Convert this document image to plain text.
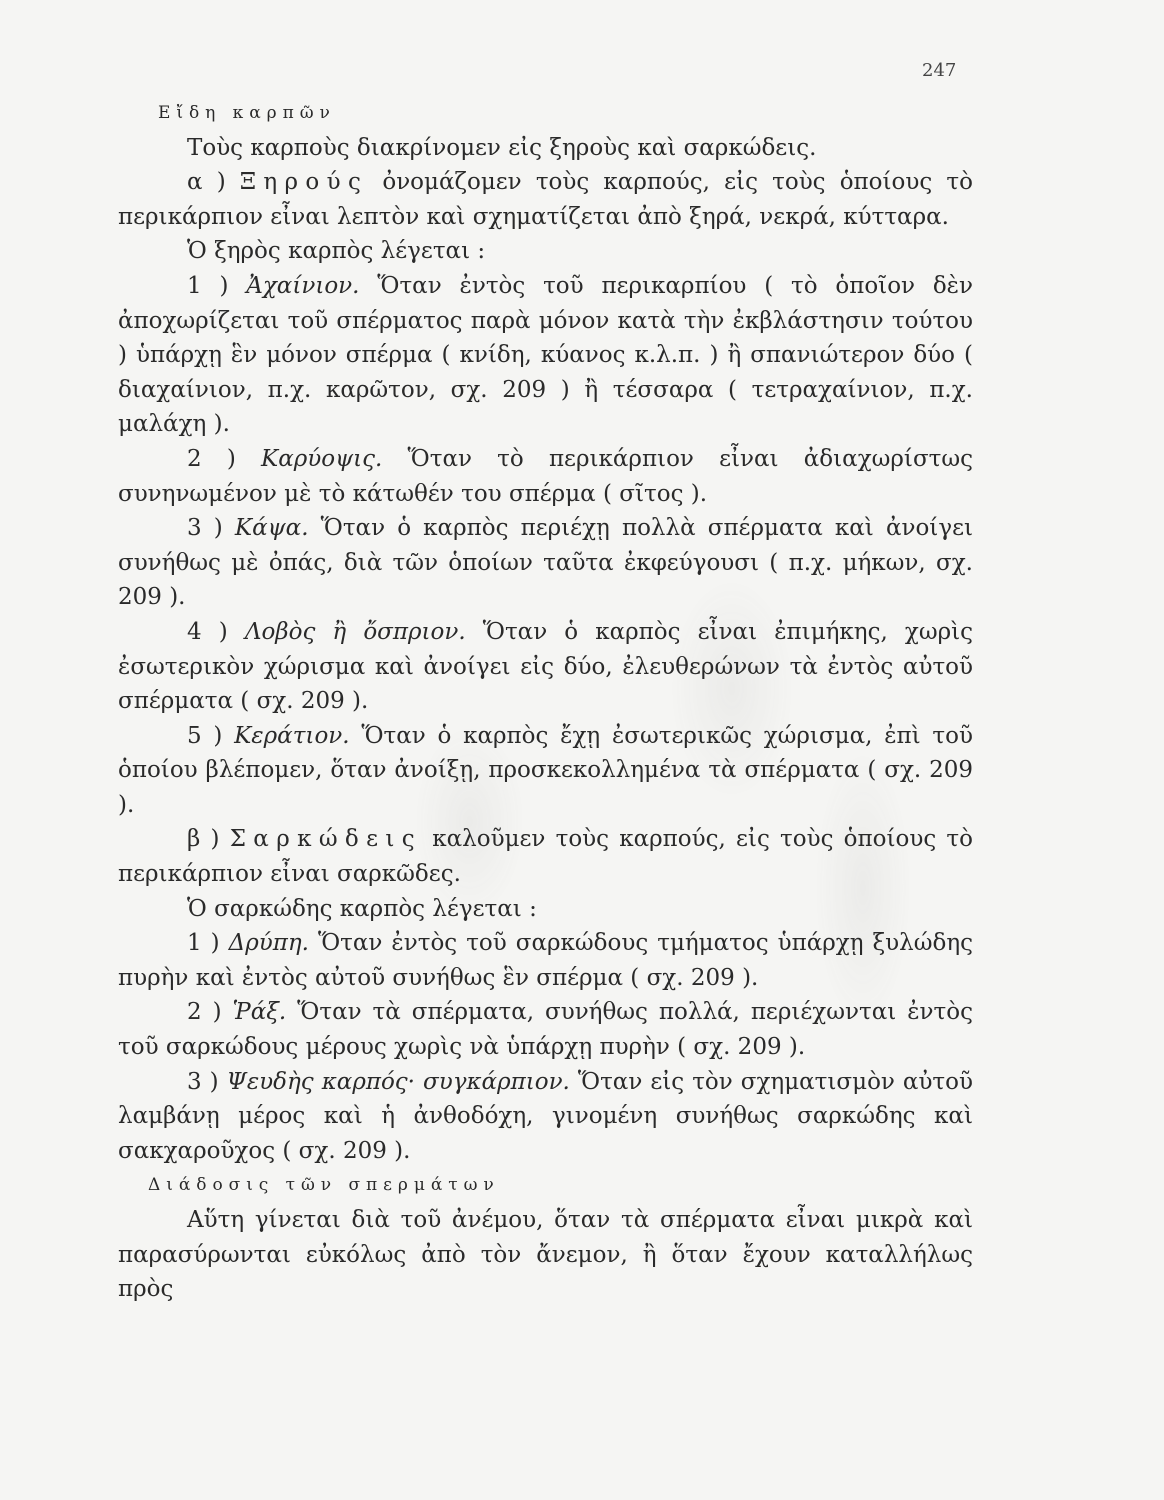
247

Εἴδη καρπῶν

Τοὺς καρποὺς διακρίνομεν εἰς ξηροὺς καὶ σαρκώδεις.

α ) Ξηρούς ὀνομάζομεν τοὺς καρπούς, εἰς τοὺς ὁποίους τὸ περικάρπιον εἶναι λεπτὸν καὶ σχηματίζεται ἀπὸ ξηρά, νεκρά, κύτταρα.

Ὁ ξηρὸς καρπὸς λέγεται :

1 ) Ἀχαίνιον. Ὅταν ἐντὸς τοῦ περικαρπίου ( τὸ ὁποῖον δὲν ἀποχωρίζεται τοῦ σπέρματος παρὰ μόνον κατὰ τὴν ἐκβλάστησιν τούτου ) ὑπάρχῃ ἓν μόνον σπέρμα ( κνίδη, κύανος κ.λ.π. ) ἢ σπανιώτερον δύο ( διαχαίνιον, π.χ. καρῶτον, σχ. 209 ) ἢ τέσσαρα ( τετραχαίνιον, π.χ. μαλάχη ).

2 ) Καρύοψις. Ὅταν τὸ περικάρπιον εἶναι ἀδιαχωρίστως συνηνωμένον μὲ τὸ κάτωθέν του σπέρμα ( σῖτος ).

3 ) Κάψα. Ὅταν ὁ καρπὸς περιέχῃ πολλὰ σπέρματα καὶ ἀνοίγει συνήθως μὲ ὀπάς, διὰ τῶν ὁποίων ταῦτα ἐκφεύγουσι ( π.χ. μήκων, σχ. 209 ).

4 ) Λοβὸς ἢ ὄσπριον. Ὅταν ὁ καρπὸς εἶναι ἐπιμήκης, χωρὶς ἐσωτερικὸν χώρισμα καὶ ἀνοίγει εἰς δύο, ἐλευθερώνων τὰ ἐντὸς αὐτοῦ σπέρματα ( σχ. 209 ).

5 ) Κεράτιον. Ὅταν ὁ καρπὸς ἔχῃ ἐσωτερικῶς χώρισμα, ἐπὶ τοῦ ὁποίου βλέπομεν, ὅταν ἀνοίξῃ, προσκεκολλημένα τὰ σπέρματα ( σχ. 209 ).

β ) Σαρκώδεις καλοῦμεν τοὺς καρπούς, εἰς τοὺς ὁποίους τὸ περικάρπιον εἶναι σαρκῶδες.

Ὁ σαρκώδης καρπὸς λέγεται :

1 ) Δρύπη. Ὅταν ἐντὸς τοῦ σαρκώδους τμήματος ὑπάρχῃ ξυλώδης πυρὴν καὶ ἐντὸς αὐτοῦ συνήθως ἓν σπέρμα ( σχ. 209 ).

2 ) Ῥάξ. Ὅταν τὰ σπέρματα, συνήθως πολλά, περιέχωνται ἐντὸς τοῦ σαρκώδους μέρους χωρὶς νὰ ὑπάρχῃ πυρὴν ( σχ. 209 ).

3 ) Ψευδὴς καρπός· συγκάρπιον. Ὅταν εἰς τὸν σχηματισμὸν αὐτοῦ λαμβάνῃ μέρος καὶ ἡ ἀνθοδόχη, γινομένη συνήθως σαρκώδης καὶ σακχαροῦχος ( σχ. 209 ).

Διάδοσις τῶν σπερμάτων

Αὕτη γίνεται διὰ τοῦ ἀνέμου, ὅταν τὰ σπέρματα εἶναι μικρὰ καὶ παρασύρωνται εὐκόλως ἀπὸ τὸν ἄνεμον, ἢ ὅταν ἔχουν καταλλήλως πρὸς
